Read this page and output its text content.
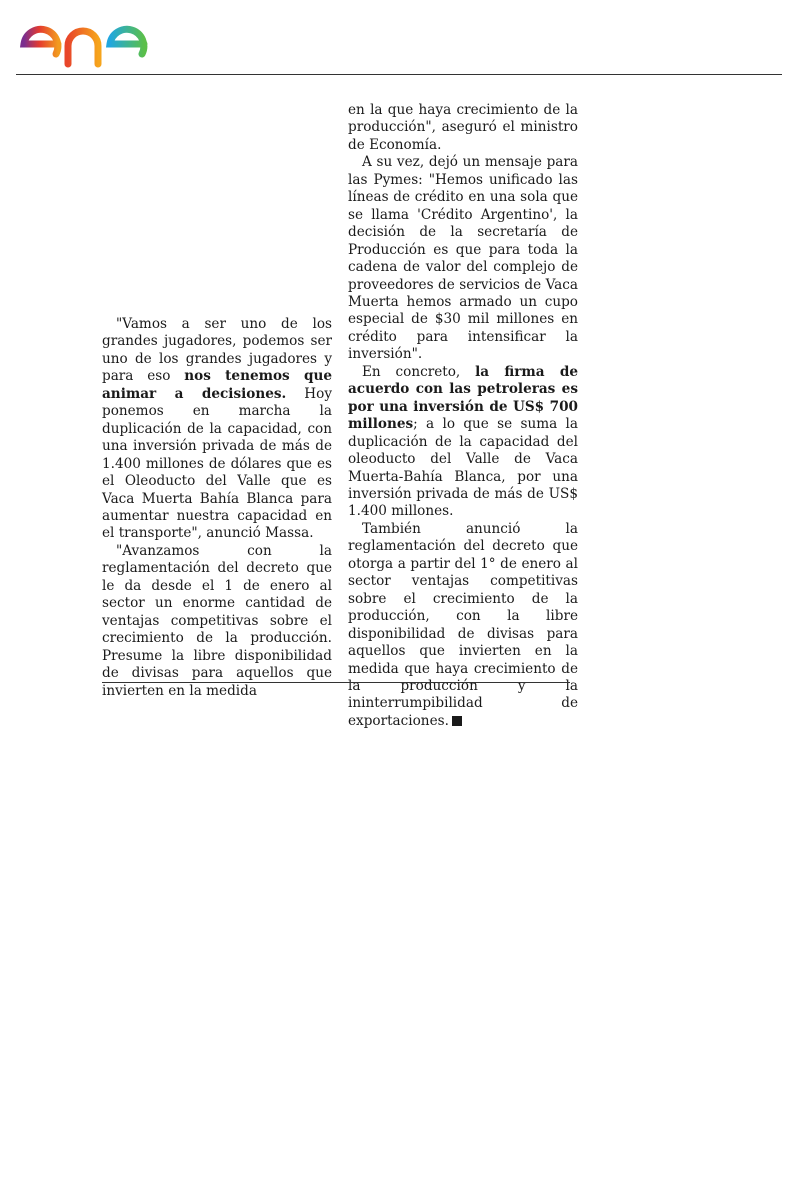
"Vamos a ser uno de los grandes jugadores, podemos ser uno de los grandes jugadores y para eso nos tenemos que animar a decisiones. Hoy ponemos en marcha la duplicación de la capacidad, con una inversión privada de más de 1.400 millones de dólares que es el Oleoducto del Valle que es Vaca Muerta Bahía Blanca para aumentar nuestra capacidad en el transporte", anunció Massa.

"Avanzamos con la reglamentación del decreto que le da desde el 1 de enero al sector un enorme cantidad de ventajas competitivas sobre el crecimiento de la producción. Presume la libre disponibilidad de divisas para aquellos que invierten en la medida

en la que haya crecimiento de la producción", aseguró el ministro de Economía.

A su vez, dejó un mensaje para las Pymes: "Hemos unificado las líneas de crédito en una sola que se llama 'Crédito Argentino', la decisión de la secretaría de Producción es que para toda la cadena de valor del complejo de proveedores de servicios de Vaca Muerta hemos armado un cupo especial de $30 mil millones en crédito para intensificar la inversión".

En concreto, la firma de acuerdo con las petroleras es por una inversión de US$ 700 millones; a lo que se suma la duplicación de la capacidad del oleoducto del Valle de Vaca Muerta-Bahía Blanca, por una inversión privada de más de US$ 1.400 millones.

También anunció la reglamentación del decreto que otorga a partir del 1° de enero al sector ventajas competitivas sobre el crecimiento de la producción, con la libre disponibilidad de divisas para aquellos que invierten en la medida que haya crecimiento de la producción y la ininterrumpibilidad de exportaciones.
